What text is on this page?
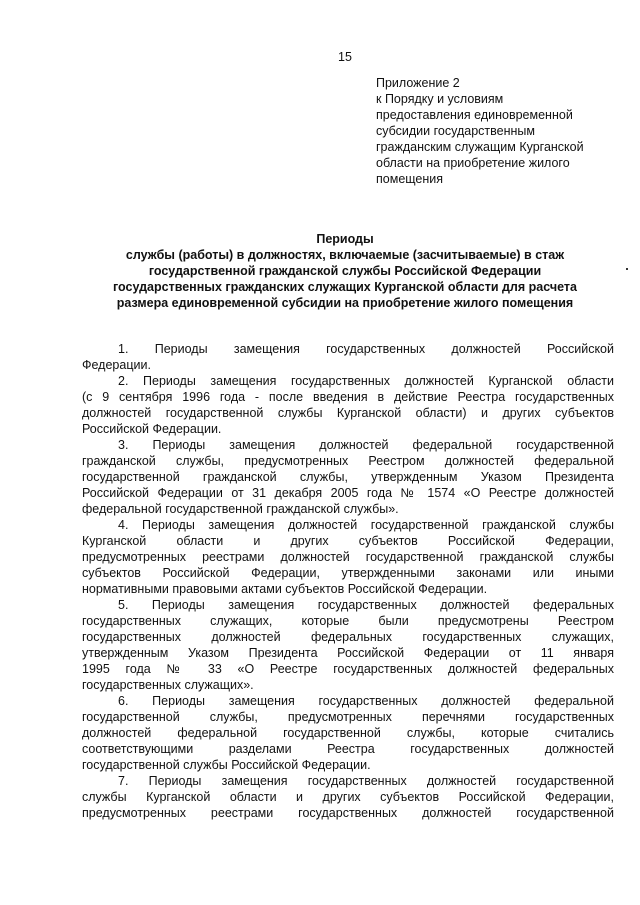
15
Приложение 2
к Порядку и условиям
предоставления единовременной
субсидии государственным
гражданским служащим Курганской
области на приобретение жилого
помещения
Периоды
службы (работы) в должностях, включаемые (засчитываемые) в стаж
государственной гражданской службы Российской Федерации
государственных гражданских служащих Курганской области для расчета
размера единовременной субсидии на приобретение жилого помещения
1. Периоды замещения государственных должностей Российской
Федерации.
2. Периоды замещения государственных должностей Курганской области
(с 9 сентября 1996 года - после введения в действие Реестра государственных
должностей государственной службы Курганской области) и других субъектов
Российской Федерации.
3. Периоды замещения должностей федеральной государственной
гражданской службы, предусмотренных Реестром должностей федеральной
государственной гражданской службы, утвержденным Указом Президента
Российской Федерации от 31 декабря 2005 года № 1574 «О Реестре должностей
федеральной государственной гражданской службы».
4. Периоды замещения должностей государственной гражданской службы
Курганской области и других субъектов Российской Федерации,
предусмотренных реестрами должностей государственной гражданской службы
субъектов Российской Федерации, утвержденными законами или иными
нормативными правовыми актами субъектов Российской Федерации.
5. Периоды замещения государственных должностей федеральных
государственных служащих, которые были предусмотрены Реестром
государственных должностей федеральных государственных служащих,
утвержденным Указом Президента Российской Федерации от 11 января
1995 года № 33 «О Реестре государственных должностей федеральных
государственных служащих».
6. Периоды замещения государственных должностей федеральной
государственной службы, предусмотренных перечнями государственных
должностей федеральной государственной службы, которые считались
соответствующими разделами Реестра государственных должностей
государственной службы Российской Федерации.
7. Периоды замещения государственных должностей государственной
службы Курганской области и других субъектов Российской Федерации,
предусмотренных реестрами государственных должностей государственной
